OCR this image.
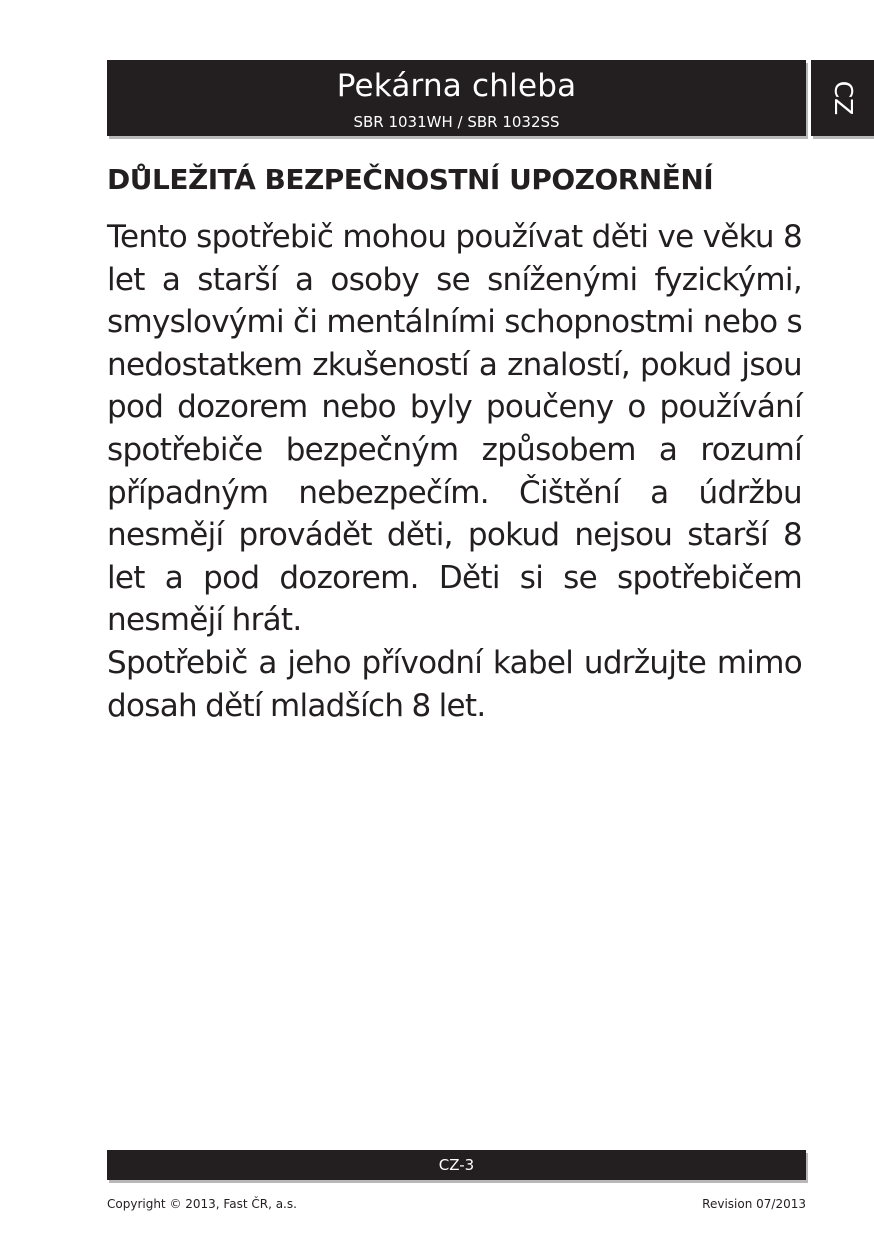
Pekárna chleba
SBR 1031WH / SBR 1032SS
CZ
DŮLEŽITÁ BEZPEČNOSTNÍ UPOZORNĚNÍ

Tento spotřebič mohou používat děti ve věku 8 let a starší a osoby se sníženými fyzickými, smyslovými či mentálními schopnostmi nebo s nedostatkem zkušeností a znalostí, pokud jsou pod dozorem nebo byly poučeny o používání spotřebiče bezpečným způsobem a rozumí případným nebezpečím. Čištění a údržbu nesmějí provádět děti, pokud nejsou starší 8 let a pod dozorem. Děti si se spotřebičem nesmějí hrát.

Spotřebič a jeho přívodní kabel udržujte mimo dosah dětí mladších 8 let.

CZ-3
Copyright © 2013, Fast ČR, a.s.	Revision 07/2013
